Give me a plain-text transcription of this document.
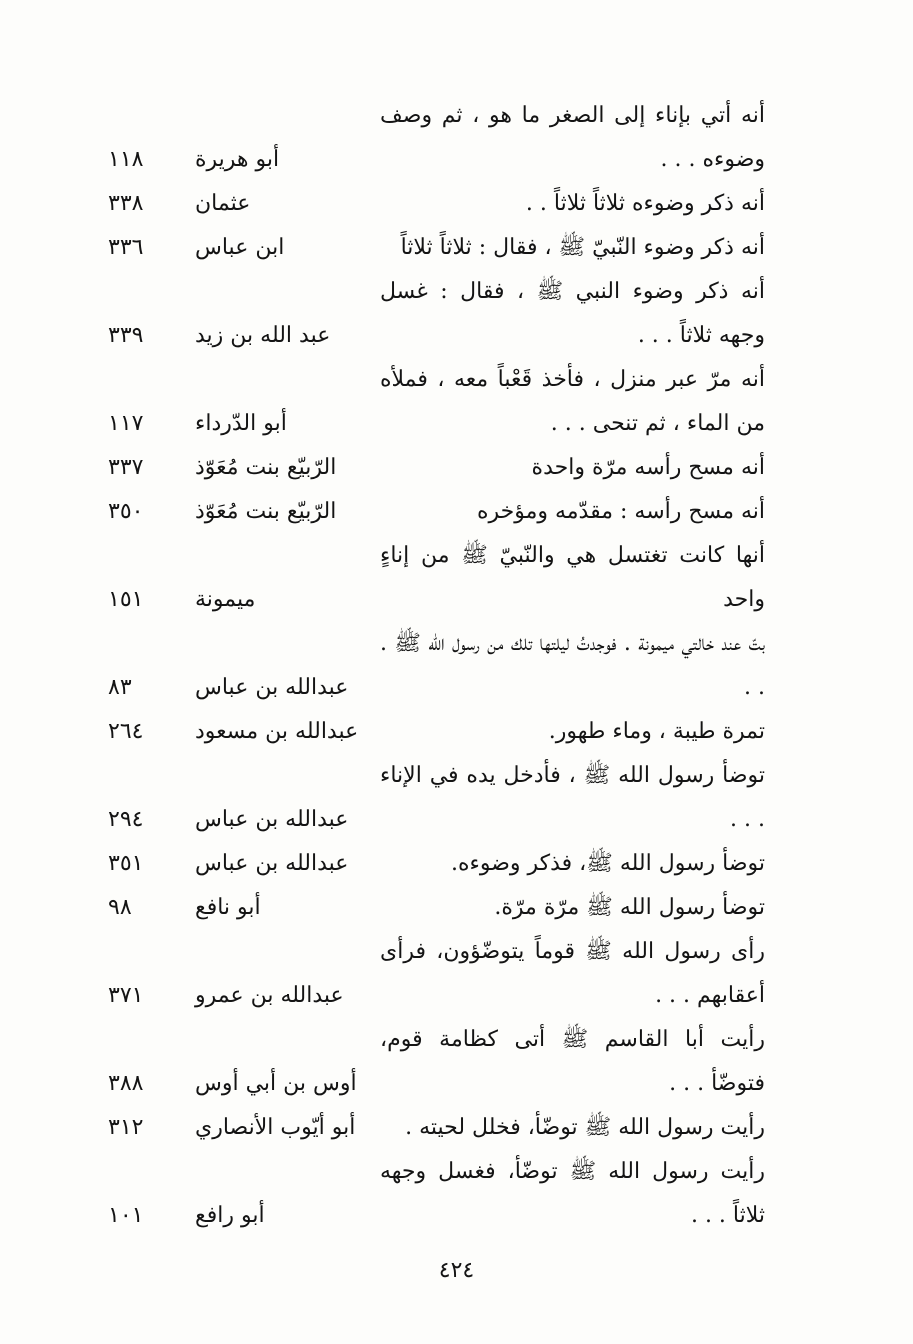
أنه أتي بإناء إلى الصغر ما هو ، ثم وصف وضوءه . . .
أبو هريرة
١١٨
أنه ذكر وضوءه ثلاثاً ثلاثاً . .
عثمان
٣٣٨
أنه ذكر وضوء النّبيّ ﷺ ، فقال : ثلاثاً ثلاثاً
ابن عباس
٣٣٦
أنه ذكر وضوء النبي ﷺ ، فقال : غسل وجهه ثلاثاً . . .
عبد الله بن زيد
٣٣٩
أنه مرّ عبر منزل ، فأخذ قَعْباً معه ، فملأه من الماء ، ثم تنحى . . .
أبو الدّرداء
١١٧
أنه مسح رأسه مرّة واحدة
الرّبيّع بنت مُعَوّذ
٣٣٧
أنه مسح رأسه : مقدّمه ومؤخره
الرّبيّع بنت مُعَوّذ
٣٥٠
أنها كانت تغتسل هي والنّبيّ ﷺ من إناءٍ واحد
ميمونة
١٥١
بتّ عند خالتي ميمونة . فوجدتُ ليلتها تلك من رسول الله ﷺ . . .
عبدالله بن عباس
٨٣
تمرة طيبة ، وماء طهور.
عبدالله بن مسعود
٢٦٤
توضأ رسول الله ﷺ ، فأدخل يده في الإناء . . .
عبدالله بن عباس
٢٩٤
توضأ رسول الله ﷺ، فذكر وضوءه.
عبدالله بن عباس
٣٥١
توضأ رسول الله ﷺ مرّة مرّة.
أبو نافع
٩٨
رأى رسول الله ﷺ قوماً يتوضّؤون، فرأى أعقابهم . . .
عبدالله بن عمرو
٣٧١
رأيت أبا القاسم ﷺ أتى كظامة قوم، فتوضّأ . . .
أوس بن أبي أوس
٣٨٨
رأيت رسول الله ﷺ توضّأ، فخلل لحيته .
أبو أيّوب الأنصاري
٣١٢
رأيت رسول الله ﷺ توضّأ، فغسل وجهه ثلاثاً . . .
أبو رافع
١٠١
٤٢٤
